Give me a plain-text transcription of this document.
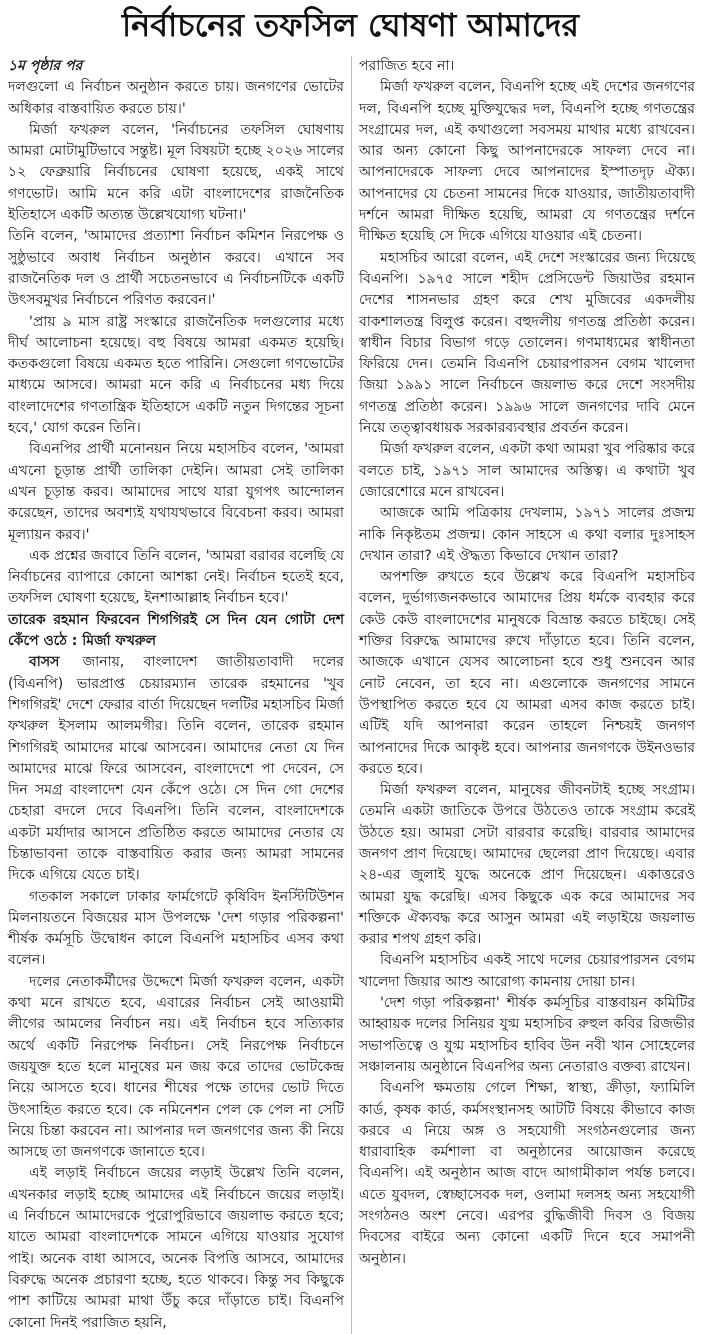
নির্বাচনের তফসিল ঘোষণা আমাদের
১ম পৃষ্ঠার পর

দলগুলো এ নির্বাচন অনুষ্ঠান করতে চায়। জনগণের ভোটের অধিকার বাস্তবায়িত করতে চায়।'

মির্জা ফখরুল বলেন, 'নির্বাচনের তফসিল ঘোষণায় আমরা মোটামুটিভাবে সন্তুষ্ট। মূল বিষয়টা হচ্ছে ২০২৬ সালের ১২ ফেব্রুয়ারি নির্বাচনের ঘোষণা হয়েছে, একই সাথে গণভোট। আমি মনে করি এটা বাংলাদেশের রাজনৈতিক ইতিহাসে একটি অত্যন্ত উল্লেখযোগ্য ঘটনা।'

তিনি বলেন, 'আমাদের প্রত্যাশা নির্বাচন কমিশন নিরপেক্ষ ও সুষ্ঠুভাবে অবাধ নির্বাচন অনুষ্ঠান করবে। এখানে সব রাজনৈতিক দল ও প্রার্থী সচেতনভাবে এ নির্বাচনটিকে একটি উৎসবমুখর নির্বাচনে পরিণত করবেন।'

'প্রায় ৯ মাস রাষ্ট্র সংস্কারে রাজনৈতিক দলগুলোর মধ্যে দীর্ঘ আলোচনা হয়েছে। বহু বিষয়ে আমরা একমত হয়েছি। কতকগুলো বিষয়ে একমত হতে পারিনি। সেগুলো গণভোটের মাধ্যমে আসবে। আমরা মনে করি এ নির্বাচনের মধ্য দিয়ে বাংলাদেশের গণতান্ত্রিক ইতিহাসে একটি নতুন দিগন্তের সূচনা হবে,' যোগ করেন তিনি।

বিএনপির প্রার্থী মনোনয়ন নিয়ে মহাসচিব বলেন, 'আমরা এখনো চূড়ান্ত প্রার্থী তালিকা দেইনি। আমরা সেই তালিকা এখন চূড়ান্ত করব। আমাদের সাথে যারা যুগপৎ আন্দোলন করেছেন, তাদের অবশ্যই যথাযথভাবে বিবেচনা করব। আমরা মূল্যায়ন করব।'

এক প্রশ্নের জবাবে তিনি বলেন, 'আমরা বরাবর বলেছি যে নির্বাচনের ব্যাপারে কোনো আশঙ্কা নেই। নির্বাচন হতেই হবে, তফসিল ঘোষণা হয়েছে, ইনশাআল্লাহ নির্বাচন হবে।'

তারেক রহমান ফিরবেন শিগগিরই সে দিন যেন গোটা দেশ কেঁপে ওঠে : মির্জা ফখরুল

বাসস জানায়, বাংলাদেশ জাতীয়তাবাদী দলের (বিএনপি) ভারপ্রাপ্ত চেয়ারম্যান তারেক রহমানের 'খুব শিগগিরই' দেশে ফেরার বার্তা দিয়েছেন দলটির মহাসচিব মির্জা ফখরুল ইসলাম আলমগীর। তিনি বলেন, তারেক রহমান শিগগিরই আমাদের মাঝে আসবেন। আমাদের নেতা যে দিন আমাদের মাঝে ফিরে আসবেন, বাংলাদেশে পা দেবেন, সে দিন সমগ্র বাংলাদেশ যেন কেঁপে ওঠে। সে দিন গো দেশের চেহারা বদলে দেবে বিএনপি। তিনি বলেন, বাংলাদেশকে একটা মর্যাদার আসনে প্রতিষ্ঠিত করতে আমাদের নেতার যে চিন্তাভাবনা তাকে বাস্তবায়িত করার জন্য আমরা সামনের দিকে এগিয়ে যেতে চাই।

গতকাল সকালে ঢাকার ফার্মগেটে কৃষিবিদ ইনস্টিটিউশন মিলনায়তনে বিজয়ের মাস উপলক্ষে 'দেশ গড়ার পরিকল্পনা' শীর্ষক কর্মসূচি উদ্বোধন কালে বিএনপি মহাসচিব এসব কথা বলেন।

দলের নেতাকর্মীদের উদ্দেশে মির্জা ফখরুল বলেন, একটা কথা মনে রাখতে হবে, এবারের নির্বাচন সেই আওয়ামী লীগের আমলের নির্বাচন নয়। এই নির্বাচন হবে সত্যিকার অর্থে একটি নিরপেক্ষ নির্বাচন। সেই নিরপেক্ষ নির্বাচনে জয়যুক্ত হতে হলে মানুষের মন জয় করে তাদের ভোটকেন্দ্র নিয়ে আসতে হবে। ধানের শীষের পক্ষে তাদের ভোট দিতে উৎসাহিত করতে হবে। কে নমিনেশন পেল কে পেল না সেটি নিয়ে চিন্তা করবেন না। আপনার দল জনগণের জন্য কী নিয়ে আসছে তা জনগণকে জানাতে হবে।

এই লড়াই নির্বাচনে জয়ের লড়াই উল্লেখ তিনি বলেন, এখনকার লড়াই হচ্ছে আমাদের এই নির্বাচনে জয়ের লড়াই। এ নির্বাচনে আমাদেরকে পুরোপুরিভাবে জয়লাভ করতে হবে; যাতে আমরা বাংলাদেশকে সামনে এগিয়ে যাওয়ার সুযোগ পাই। অনেক বাধা আসবে, অনেক বিপত্তি আসবে, আমাদের বিরুদ্ধে অনেক প্রচারণা হচ্ছে, হতে থাকবে। কিন্তু সব কিছুকে পাশ কাটিয়ে আমরা মাথা উঁচু করে দাঁড়াতে চাই। বিএনপি কোনো দিনই পরাজিত হয়নি,

পরাজিত হবে না।

মির্জা ফখরুল বলেন, বিএনপি হচ্ছে এই দেশের জনগণের দল, বিএনপি হচ্ছে মুক্তিযুদ্ধের দল, বিএনপি হচ্ছে গণতন্ত্রের সংগ্রামের দল, এই কথাগুলো সবসময় মাথার মধ্যে রাখবেন। আর অন্য কোনো কিছু আপনাদেরকে সাফল্য দেবে না। আপনাদেরকে সাফল্য দেবে আপনাদের ইস্পাতদৃঢ় ঐক্য। আপনাদের যে চেতনা সামনের দিকে যাওয়ার, জাতীয়তাবাদী দর্শনে আমরা দীক্ষিত হয়েছি, আমরা যে গণতন্ত্রের দর্শনে দীক্ষিত হয়েছি সে দিকে এগিয়ে যাওয়ার এই চেতনা।

মহাসচিব আরো বলেন, এই দেশে সংস্কারের জন্য দিয়েছে বিএনপি। ১৯৭৫ সালে শহীদ প্রেসিডেন্ট জিয়াউর রহমান দেশের শাসনভার গ্রহণ করে শেখ মুজিবের একদলীয় বাকশালতন্ত্র বিলুপ্ত করেন। বহুদলীয় গণতন্ত্র প্রতিষ্ঠা করেন। স্বাধীন বিচার বিভাগ গড়ে তোলেন। গণমাধ্যমের স্বাধীনতা ফিরিয়ে দেন। তেমনি বিএনপি চেয়ারপারসন বেগম খালেদা জিয়া ১৯৯১ সালে নির্বাচনে জয়লাভ করে দেশে সংসদীয় গণতন্ত্র প্রতিষ্ঠা করেন। ১৯৯৬ সালে জনগণের দাবি মেনে নিয়ে তত্ত্বাবধায়ক সরকারব্যবস্থার প্রবর্তন করেন।

মির্জা ফখরুল বলেন, একটা কথা আমরা খুব পরিষ্কার করে বলতে চাই, ১৯৭১ সাল আমাদের অস্তিত্ব। এ কথাটা খুব জোরেশোরে মনে রাখবেন।

আজকে আমি পত্রিকায় দেখলাম, ১৯৭১ সালের প্রজন্ম নাকি নিকৃষ্টতম প্রজন্ম। কোন সাহসে এ কথা বলার দুঃসাহস দেখান তারা? এই ঔদ্ধত্য কিভাবে দেখান তারা?

অপশক্তি রুখতে হবে উল্লেখ করে বিএনপি মহাসচিব বলেন, দুর্ভাগ্যজনকভাবে আমাদের প্রিয় ধর্মকে ব্যবহার করে কেউ কেউ বাংলাদেশের মানুষকে বিভ্রান্ত করতে চাইছে। সেই শক্তির বিরুদ্ধে আমাদের রুখে দাঁড়াতে হবে। তিনি বলেন, আজকে এখানে যেসব আলোচনা হবে শুধু শুনবেন আর নোট নেবেন, তা হবে না। এগুলোকে জনগণের সামনে উপস্থাপিত করতে হবে যে আমরা এসব কাজ করতে চাই। এটিই যদি আপনারা করেন তাহলে নিশ্চয়ই জনগণ আপনাদের দিকে আকৃষ্ট হবে। আপনার জনগণকে উইনওভার করতে হবে।

মির্জা ফখরুল বলেন, মানুষের জীবনটাই হচ্ছে সংগ্রাম। তেমনি একটা জাতিকে উপরে উঠতেও তাকে সংগ্রাম করেই উঠতে হয়। আমরা সেটা বারবার করেছি। বারবার আমাদের জনগণ প্রাণ দিয়েছে। আমাদের ছেলেরা প্রাণ দিয়েছে। এবার ২৪-এর জুলাই যুদ্ধে অনেকে প্রাণ দিয়েছেন। একাত্তরেও আমরা যুদ্ধ করেছি। এসব কিছুকে এক করে আমাদের সব শক্তিকে ঐক্যবদ্ধ করে আসুন আমরা এই লড়াইয়ে জয়লাভ করার শপথ গ্রহণ করি।

বিএনপি মহাসচিব একই সাথে দলের চেয়ারপারসন বেগম খালেদা জিয়ার আশু আরোগ্য কামনায় দোয়া চান।

'দেশ গড়া পরিকল্পনা' শীর্ষক কর্মসূচির বাস্তবায়ন কমিটির আহ্বায়ক দলের সিনিয়র যুগ্ম মহাসচিব রুহুল কবির রিজভীর সভাপতিত্বে ও যুগ্ম মহাসচিব হাবিব উন নবী খান সোহেলের সঞ্চালনায় অনুষ্ঠানে বিএনপির অন্য নেতারাও বক্তব্য রাখেন।

বিএনপি ক্ষমতায় গেলে শিক্ষা, স্বাস্থ্য, ক্রীড়া, ফ্যামিলি কার্ড, কৃষক কার্ড, কর্মসংস্থানসহ আটটি বিষয়ে কীভাবে কাজ করবে এ নিয়ে অঙ্গ ও সহযোগী সংগঠনগুলোর জন্য ধারাবাহিক কর্মশালা বা অনুষ্ঠানের আয়োজন করেছে বিএনপি। এই অনুষ্ঠান আজ বাদে আগামীকাল পর্যন্ত চলবে। এতে যুবদল, স্বেচ্ছাসেবক দল, ওলামা দলসহ অন্য সহযোগী সংগঠনও অংশ নেবে। এরপর বুদ্ধিজীবী দিবস ও বিজয় দিবসের বাইরে অন্য কোনো একটি দিনে হবে সমাপনী অনুষ্ঠান।
